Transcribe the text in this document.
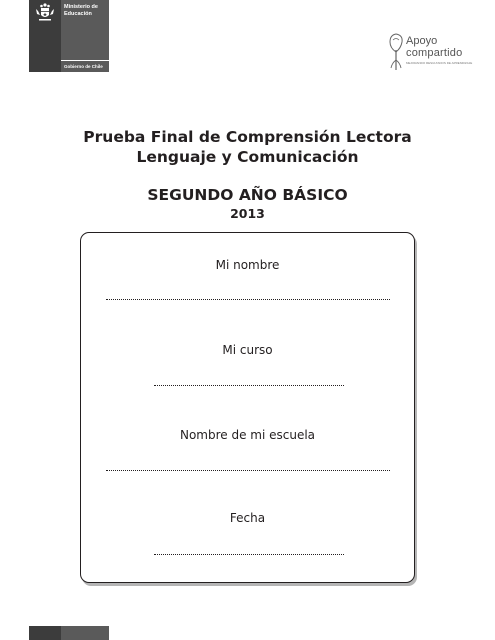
Ministerio de
Educación
Gobierno de Chile
Apoyo
compartido
MEJORANDO RESULTADOS DE APRENDIZAJE
Prueba Final de Comprensión Lectora
Lenguaje y Comunicación
SEGUNDO AÑO BÁSICO
2013
Mi nombre
Mi curso
Nombre de mi escuela
Fecha
